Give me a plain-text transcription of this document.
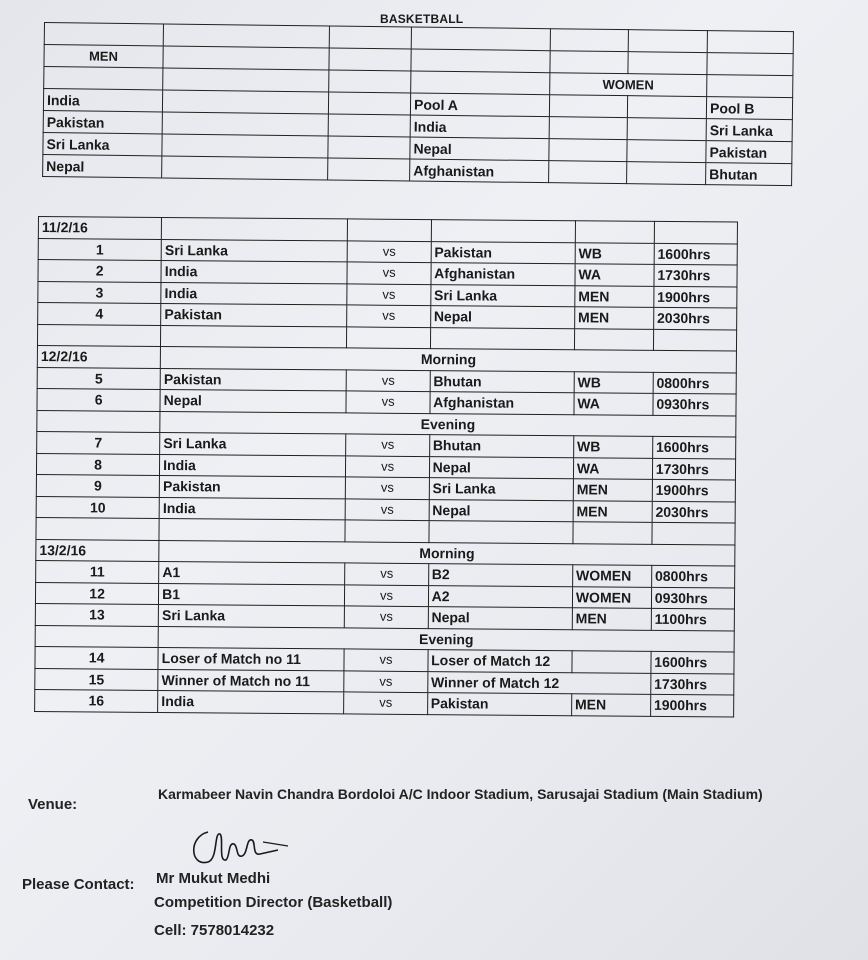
BASKETBALL

MEN						
				WOMEN		
India			Pool A			Pool B
Pakistan			India			Sri Lanka
Sri Lanka			Nepal			Pakistan
Nepal			Afghanistan			Bhutan
11/2/16					
1	Sri Lanka	vs	Pakistan	WB	1600hrs
2	India	vs	Afghanistan	WA	1730hrs
3	India	vs	Sri Lanka	MEN	1900hrs
4	Pakistan	vs	Nepal	MEN	2030hrs

12/2/16	Morning				
5	Pakistan	vs	Bhutan	WB	0800hrs
6	Nepal	vs	Afghanistan	WA	0930hrs
	Evening				
7	Sri Lanka	vs	Bhutan	WB	1600hrs
8	India	vs	Nepal	WA	1730hrs
9	Pakistan	vs	Sri Lanka	MEN	1900hrs
10	India	vs	Nepal	MEN	2030hrs

13/2/16	Morning				
11	A1	vs	B2	WOMEN	0800hrs
12	B1	vs	A2	WOMEN	0930hrs
13	Sri Lanka	vs	Nepal	MEN	1100hrs
	Evening				
14	Loser of Match no 11	vs	Loser of Match 12		1600hrs
15	Winner of Match no 11	vs	Winner of Match 12		1730hrs
16	India	vs	Pakistan	MEN	1900hrs
Venue:
Karmabeer Navin Chandra Bordoloi A/C Indoor Stadium, Sarusajai Stadium (Main Stadium)
Please Contact: Mr Mukut Medhi
Competition Director (Basketball)
Cell: 7578014232
